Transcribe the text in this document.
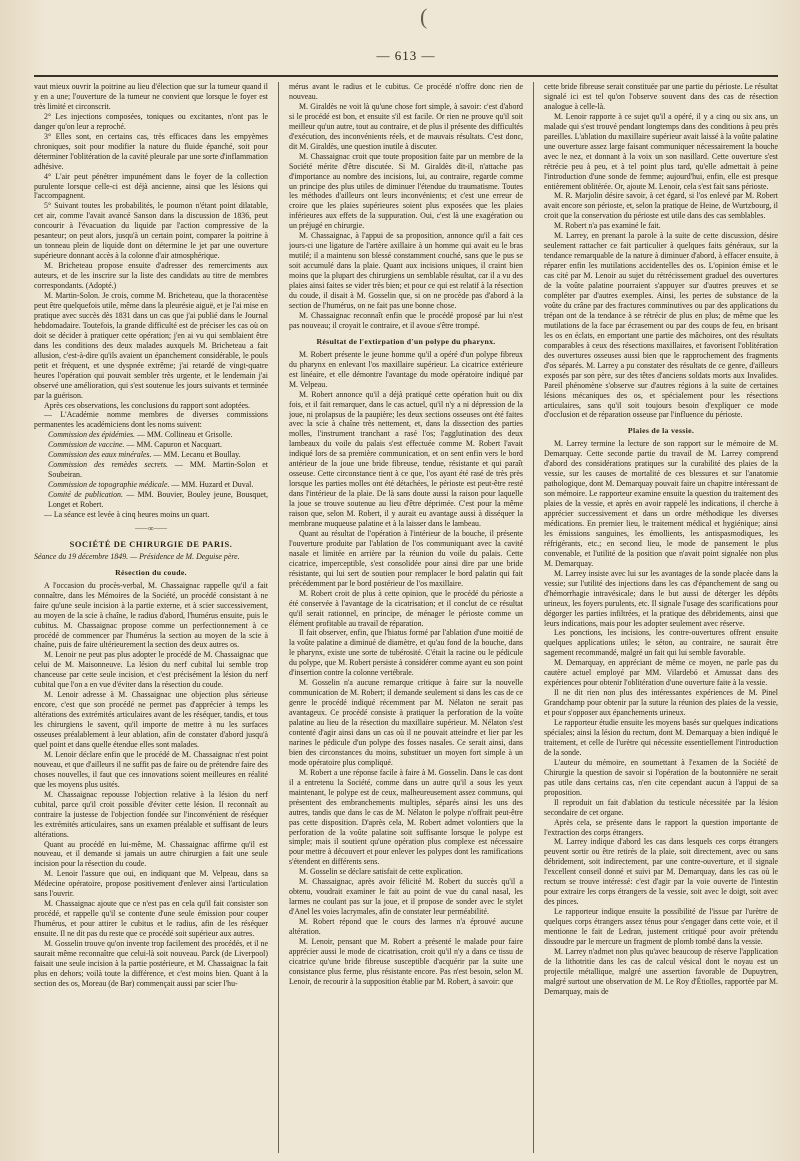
(
— 613 —

vaut mieux ouvrir la poitrine au lieu d'élection que sur la tumeur quand il y en a une; l'ouverture de la tumeur ne convient que lorsque le foyer est très limité et circonscrit.

2° Les injections composées, toniques ou excitantes, n'ont pas le danger qu'on leur a reproché.

3° Elles sont, en certains cas, très efficaces dans les empyèmes chroniques, soit pour modifier la nature du fluide épanché, soit pour déterminer l'oblitération de la cavité pleurale par une sorte d'inflammation adhésive.

4° L'air peut pénétrer impunément dans le foyer de la collection purulente lorsque celle-ci est déjà ancienne, ainsi que les lésions qui l'accompagnent.

5° Suivant toutes les probabilités, le poumon n'étant point dilatable, cet air, comme l'avait avancé Sanson dans la discussion de 1836, peut concourir à l'évacuation du liquide par l'action compressive de la pesanteur; on peut alors, jusqu'à un certain point, comparer la poitrine à un tonneau plein de liquide dont on détermine le jet par une ouverture supérieure donnant accès à la colonne d'air atmosphérique.

M. Bricheteau propose ensuite d'adresser des remerciments aux auteurs, et de les inscrire sur la liste des candidats au titre de membres correspondants. (Adopté.)

M. Martin-Solon. Je crois, comme M. Bricheteau, que la thoracentèse peut être quelquefois utile, même dans la pleurésie aiguë, et je l'ai mise en pratique avec succès dès 1831 dans un cas que j'ai publié dans le Journal hebdomadaire. Toutefois, la grande difficulté est de préciser les cas où on doit se décider à pratiquer cette opération; j'en ai vu qui semblaient être dans les conditions des deux malades auxquels M. Bricheteau a fait allusion, c'est-à-dire qu'ils avaient un épanchement considérable, le pouls petit et fréquent, et une dyspnée extrême; j'ai retardé de vingt-quatre heures l'opération qui pouvait sembler très urgente, et le lendemain j'ai observé une amélioration, qui s'est soutenue les jours suivants et terminée par la guérison.

Après ces observations, les conclusions du rapport sont adoptées.

— L'Académie nomme membres de diverses commissions permanentes les académiciens dont les noms suivent:

Commission des épidémies. — MM. Collineau et Grisolle.

Commission de vaccine. — MM. Capuron et Nacquart.

Commission des eaux minérales. — MM. Lecanu et Boullay.

Commission des remèdes secrets. — MM. Martin-Solon et Soubeiran.

Commission de topographie médicale. — MM. Huzard et Duval.

Comité de publication. — MM. Bouvier, Bouley jeune, Bousquet, Longet et Robert.

— La séance est levée à cinq heures moins un quart.

⸺∞⸺
SOCIÉTÉ DE CHIRURGIE DE PARIS.

Séance du 19 décembre 1849. — Présidence de M. Deguise père.

Résection du coude.

A l'occasion du procès-verbal, M. Chassaignac rappelle qu'il a fait connaître, dans les Mémoires de la Société, un procédé consistant à ne faire qu'une seule incision à la partie externe, et à scier successivement, au moyen de la scie à chaîne, le radius d'abord, l'humérus ensuite, puis le cubitus. M. Chassaignac propose comme un perfectionnement à ce procédé de commencer par l'humérus la section au moyen de la scie à chaîne, puis de faire ultérieurement la section des deux autres os.

M. Lenoir ne peut pas plus adopter le procédé de M. Chassaignac que celui de M. Maisonneuve. La lésion du nerf cubital lui semble trop chanceuse par cette seule incision, et c'est précisément la lésion du nerf cubital que l'on a en vue d'éviter dans la résection du coude.

M. Lenoir adresse à M. Chassaignac une objection plus sérieuse encore, c'est que son procédé ne permet pas d'apprécier à temps les altérations des extrémités articulaires avant de les réséquer, tandis, et tous les chirurgiens le savent, qu'il importe de mettre à nu les surfaces osseuses préalablement à leur ablation, afin de constater d'abord jusqu'à quel point et dans quelle étendue elles sont malades.

M. Lenoir déclare enfin que le procédé de M. Chassaignac n'est point nouveau, et que d'ailleurs il ne suffit pas de faire ou de prétendre faire des choses nouvelles, il faut que ces innovations soient meilleures en réalité que les moyens plus usités.

M. Chassaignac repousse l'objection relative à la lésion du nerf cubital, parce qu'il croit possible d'éviter cette lésion. Il reconnaît au contraire la justesse de l'objection fondée sur l'inconvénient de réséquer les extrémités articulaires, sans un examen préalable et suffisant de leurs altérations.

Quant au procédé en lui-même, M. Chassaignac affirme qu'il est nouveau, et il demande si jamais un autre chirurgien a fait une seule incision pour la résection du coude.

M. Lenoir l'assure que oui, en indiquant que M. Velpeau, dans sa Médecine opératoire, propose positivement d'enlever ainsi l'articulation sans l'ouvrir.

M. Chassaignac ajoute que ce n'est pas en cela qu'il fait consister son procédé, et rappelle qu'il se contente d'une seule émission pour couper l'humérus, et pour attirer le cubitus et le radius, afin de les réséquer ensuite. Il ne dit pas du reste que ce procédé soit supérieur aux autres.

M. Gosselin trouve qu'on invente trop facilement des procédés, et il ne saurait même reconnaître que celui-là soit nouveau. Parck (de Liverpool) faisait une seule incision à la partie postérieure, et M. Chassaignac la fait plus en dehors; voilà toute la différence, et c'est moins bien. Quant à la section des os, Moreau (de Bar) commençait aussi par scier l'hu-

mérus avant le radius et le cubitus. Ce procédé n'offre donc rien de nouveau.

M. Giraldès ne voit là qu'une chose fort simple, à savoir: c'est d'abord si le procédé est bon, et ensuite s'il est facile. Or rien ne prouve qu'il soit meilleur qu'un autre, tout au contraire, et de plus il présente des difficultés d'exécution, des inconvénients réels, et de mauvais résultats. C'est donc, dit M. Giraldès, une question inutile à discuter.

M. Chassaignac croit que toute proposition faite par un membre de la Société mérite d'être discutée. Si M. Giraldès dit-il, n'attache pas d'importance au nombre des incisions, lui, au contraire, regarde comme un principe des plus utiles de diminuer l'étendue du traumatisme. Toutes les méthodes d'ailleurs ont leurs inconvénients; et c'est une erreur de croire que les plaies supérieures soient plus exposées que les plaies inférieures aux effets de la suppuration. Oui, c'est là une exagération ou un préjugé en chirurgie.

M. Chassaignac, à l'appui de sa proposition, annonce qu'il a fait ces jours-ci une ligature de l'artère axillaire à un homme qui avait eu le bras mutilé; il a maintenu son blessé constamment couché, sans que le pus se soit accumulé dans la plaie. Quant aux incisions uniques, il craint bien moins que la plupart des chirurgiens un semblable résultat, car il a vu des plaies ainsi faites se vider très bien; et pour ce qui est relatif à la résection du coude, il disait à M. Gosselin que, si on ne procède pas d'abord à la section de l'humérus, on ne fait pas une bonne chose.

M. Chassaignac reconnaît enfin que le procédé proposé par lui n'est pas nouveau; il croyait le contraire, et il avoue s'être trompé.

Résultat de l'extirpation d'un polype du pharynx.

M. Robert présente le jeune homme qu'il a opéré d'un polype fibreux du pharynx en enlevant l'os maxillaire supérieur. La cicatrice extérieure est linéaire, et elle démontre l'avantage du mode opératoire indiqué par M. Velpeau.

M. Robert annonce qu'il a déjà pratiqué cette opération huit ou dix fois, et il fait remarquer, dans le cas actuel, qu'il n'y a ni dépression de la joue, ni prolapsus de la paupière; les deux sections osseuses ont été faites avec la scie à chaîne très nettement, et, dans la dissection des parties molles, l'instrument tranchant a rasé l'os; l'agglutination des deux lambeaux du voile du palais s'est effectuée comme M. Robert l'avait indiqué lors de sa première communication, et on sent enfin vers le bord antérieur de la joue une bride fibreuse, tendue, résistante et qui paraît osseuse. Cette circonstance tient à ce que, l'os ayant été rasé de très près lorsque les parties molles ont été détachées, le périoste est peut-être resté dans l'intérieur de la plaie. De là sans doute aussi la raison pour laquelle la joue se trouve soutenue au lieu d'être déprimée. C'est pour la même raison que, selon M. Robert, il y aurait eu avantage aussi à disséquer la membrane muqueuse palatine et à la laisser dans le lambeau.

Quant au résultat de l'opération à l'intérieur de la bouche, il présente l'ouverture produite par l'ablation de l'os communiquant avec la cavité nasale et limitée en arrière par la réunion du voile du palais. Cette cicatrice, imperceptible, s'est consolidée pour ainsi dire par une bride résistante, qui lui sert de soutien pour remplacer le bord palatin qui fait précédemment par le bord postérieur de l'os maxillaire.

M. Robert croit de plus à cette opinion, que le procédé du périoste a été conservée à l'avantage de la cicatrisation; et il conclut de ce résultat qu'il serait rationnel, en principe, de ménager le périoste comme un élément profitable au travail de réparation.

Il fait observer, enfin, que l'hiatus formé par l'ablation d'une moitié de la voûte palatine a diminué de diamètre, et qu'au fond de la bouche, dans le pharynx, existe une sorte de tubérosité. C'était la racine ou le pédicule du polype, que M. Robert persiste à considérer comme ayant eu son point d'insertion contre la colonne vertébrale.

M. Gosselin n'a aucune remarque critique à faire sur la nouvelle communication de M. Robert; il demande seulement si dans les cas de ce genre le procédé indiqué récemment par M. Nélaton ne serait pas avantageux. Ce procédé consiste à pratiquer la perforation de la voûte palatine au lieu de la résection du maxillaire supérieur. M. Nélaton s'est contenté d'agir ainsi dans un cas où il ne pouvait atteindre et lier par les narines le pédicule d'un polype des fosses nasales. Ce serait ainsi, dans bien des circonstances du moins, substituer un moyen fort simple à un mode opératoire plus compliqué.

M. Robert a une réponse facile à faire à M. Gosselin. Dans le cas dont il a entretenu la Société, comme dans un autre qu'il a sous les yeux maintenant, le polype est de ceux, malheureusement assez communs, qui présentent des embranchements multiples, séparés ainsi les uns des autres, tandis que dans le cas de M. Nélaton le polype n'offrait peut-être pas cette disposition. D'après cela, M. Robert admet volontiers que la perforation de la voûte palatine soit suffisante lorsque le polype est simple; mais il soutient qu'une opération plus complexe est nécessaire pour mettre à découvert et pour enlever les polypes dont les ramifications s'étendent en différents sens.

M. Gosselin se déclare satisfait de cette explication.

M. Chassaignac, après avoir félicité M. Robert du succès qu'il a obtenu, voudrait examiner le fait au point de vue du canal nasal, les larmes ne coulant pas sur la joue, et il propose de sonder avec le stylet d'Anel les voies lacrymales, afin de constater leur perméabilité.

M. Robert répond que le cours des larmes n'a éprouvé aucune altération.

M. Lenoir, pensant que M. Robert a présenté le malade pour faire apprécier aussi le mode de cicatrisation, croit qu'il n'y a dans ce tissu de cicatrice qu'une bride fibreuse susceptible d'acquérir par la suite une consistance plus ferme, plus résistante encore. Pas n'est besoin, selon M. Lenoir, de recourir à la supposition établie par M. Robert, à savoir: que

cette bride fibreuse serait constituée par une partie du périoste. Le résultat signalé ici est tel qu'on l'observe souvent dans des cas de résection analogue à celle-là.

M. Lenoir rapporte à ce sujet qu'il a opéré, il y a cinq ou six ans, un malade qui s'est trouvé pendant longtemps dans des conditions à peu près pareilles. L'ablation du maxillaire supérieur avait laissé à la voûte palatine une ouverture assez large faisant communiquer nécessairement la bouche avec le nez, et donnant à la voix un son nasillard. Cette ouverture s'est rétrécie peu à peu, et à tel point plus tard, qu'elle admettait à peine l'introduction d'une sonde de femme; aujourd'hui, enfin, elle est presque entièrement oblitérée. Or, ajoute M. Lenoir, cela s'est fait sans périoste.

M. R. Marjolin désire savoir, à cet égard, si l'os enlevé par M. Robert avait encore son périoste, et, selon la pratique de Heine, de Wurtzbourg, il croit que la conservation du périoste est utile dans des cas semblables.

M. Robert n'a pas examiné le fait.

M. Larrey, en prenant la parole à la suite de cette discussion, désire seulement rattacher ce fait particulier à quelques faits généraux, sur la tendance remarquable de la nature à diminuer d'abord, à effacer ensuite, à réparer enfin les mutilations accidentelles des os. L'opinion émise et le cas cité par M. Lenoir au sujet du rétrécissement graduel des ouvertures de la voûte palatine pourraient s'appuyer sur d'autres preuves et se compléter par d'autres exemples. Ainsi, les pertes de substance de la voûte du crâne par des fractures comminutives ou par des applications du trépan ont de la tendance à se rétrécir de plus en plus; de même que les mutilations de la face par écrasement ou par des coups de feu, en brisant les os en éclats, en emportant une partie des mâchoires, ont des résultats comparables à ceux des résections maxillaires, et favorisent l'oblitération des ouvertures osseuses aussi bien que le rapprochement des fragments d'os séparés. M. Larrey a pu constater des résultats de ce genre, d'ailleurs exposés par son père, sur des têtes d'anciens soldats morts aux Invalides. Pareil phénomène s'observe sur d'autres régions à la suite de certaines lésions mécaniques des os, et spécialement pour les résections articulaires, sans qu'il soit toujours besoin d'expliquer ce mode d'occlusion et de réparation osseuse par l'influence du périoste.

Plaies de la vessie.

M. Larrey termine la lecture de son rapport sur le mémoire de M. Demarquay. Cette seconde partie du travail de M. Larrey comprend d'abord des considérations pratiques sur la curabilité des plaies de la vessie, sur les causes de mortalité de ces blessures et sur l'anatomie pathologique, dont M. Demarquay pouvait faire un chapitre intéressant de son mémoire. Le rapporteur examine ensuite la question du traitement des plaies de la vessie, et après en avoir rappelé les indications, il cherche à apprécier successivement et dans un ordre méthodique les diverses médications. En premier lieu, le traitement médical et hygiénique; ainsi les émissions sanguines, les émollients, les antispasmodiques, les réfrigérants, etc.; en second lieu, le mode de pansement le plus convenable, et l'utilité de la position que n'avait point signalée non plus M. Demarquay.

M. Larrey insiste avec lui sur les avantages de la sonde placée dans la vessie; sur l'utilité des injections dans les cas d'épanchement de sang ou d'hémorrhagie intravésicale; dans le but aussi de déterger les dépôts urineux, les foyers purulents, etc. Il signale l'usage des scarifications pour dégorger les parties infiltrées, et la pratique des débridements, ainsi que leurs indications, mais pour les adopter seulement avec réserve.

Les ponctions, les incisions, les contre-ouvertures offrent ensuite quelques applications utiles; le séton, au contraire, ne saurait être sagement recommandé, malgré un fait qui lui semble favorable.

M. Demarquay, en appréciant de même ce moyen, ne parle pas du cautère actuel employé par MM. Vilardebó et Amussat dans des expériences pour obtenir l'oblitération d'une ouverture faite à la vessie.

Il ne dit rien non plus des intéressantes expériences de M. Pinel Grandchamp pour obtenir par la suture la réunion des plaies de la vessie, et pour s'opposer aux épanchements urineux.

Le rapporteur étudie ensuite les moyens basés sur quelques indications spéciales; ainsi la lésion du rectum, dont M. Demarquay a bien indiqué le traitement, et celle de l'urètre qui nécessite essentiellement l'introduction de la sonde.

L'auteur du mémoire, en soumettant à l'examen de la Société de Chirurgie la question de savoir si l'opération de la boutonnière ne serait pas utile dans certains cas, n'en cite cependant aucun à l'appui de sa proposition.

Il reproduit un fait d'ablation du testicule nécessitée par la lésion secondaire de cet organe.

Après cela, se présente dans le rapport la question importante de l'extraction des corps étrangers.

M. Larrey indique d'abord les cas dans lesquels ces corps étrangers peuvent sortir ou être retirés de la plaie, soit directement, avec ou sans débridement, soit indirectement, par une contre-ouverture, et il signale l'excellent conseil donné et suivi par M. Demarquay, dans les cas où le rectum se trouve intéressé: c'est d'agir par la voie ouverte de l'intestin pour extraire les corps étrangers de la vessie, soit avec le doigt, soit avec des pinces.

Le rapporteur indique ensuite la possibilité de l'issue par l'urètre de quelques corps étrangers assez ténus pour s'engager dans cette voie, et il mentionne le fait de Ledran, justement critiqué pour avoir prétendu dissoudre par le mercure un fragment de plomb tombé dans la vessie.

M. Larrey n'admet non plus qu'avec beaucoup de réserve l'application de la lithotritie dans les cas de calcul vésical dont le noyau est un projectile métallique, malgré une assertion favorable de Dupuytren, malgré surtout une observation de M. Le Roy d'Étiolles, rapportée par M. Demarquay, mais de
